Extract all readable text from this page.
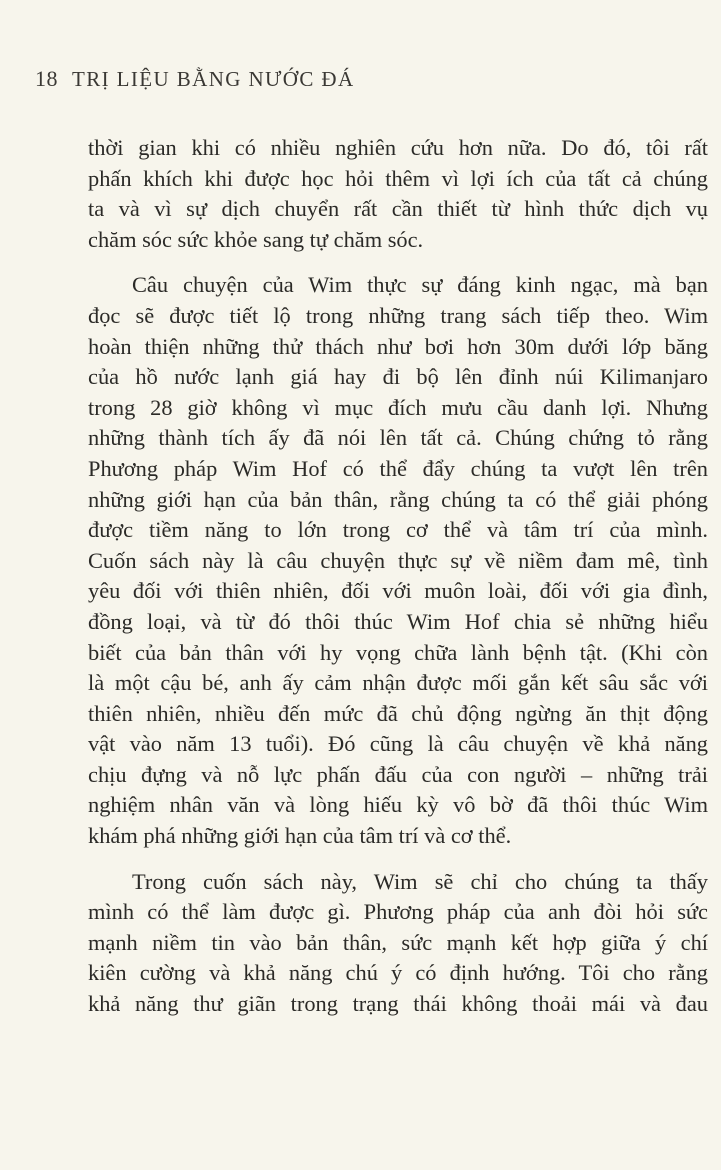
18 TRỊ LIỆU BẰNG NƯỚC ĐÁ
thời gian khi có nhiều nghiên cứu hơn nữa. Do đó, tôi rất
phấn khích khi được học hỏi thêm vì lợi ích của tất cả chúng
ta và vì sự dịch chuyển rất cần thiết từ hình thức dịch vụ
chăm sóc sức khỏe sang tự chăm sóc.
Câu chuyện của Wim thực sự đáng kinh ngạc, mà bạn
đọc sẽ được tiết lộ trong những trang sách tiếp theo. Wim
hoàn thiện những thử thách như bơi hơn 30m dưới lớp băng
của hồ nước lạnh giá hay đi bộ lên đỉnh núi Kilimanjaro
trong 28 giờ không vì mục đích mưu cầu danh lợi. Nhưng
những thành tích ấy đã nói lên tất cả. Chúng chứng tỏ rằng
Phương pháp Wim Hof có thể đẩy chúng ta vượt lên trên
những giới hạn của bản thân, rằng chúng ta có thể giải phóng
được tiềm năng to lớn trong cơ thể và tâm trí của mình.
Cuốn sách này là câu chuyện thực sự về niềm đam mê, tình
yêu đối với thiên nhiên, đối với muôn loài, đối với gia đình,
đồng loại, và từ đó thôi thúc Wim Hof chia sẻ những hiểu
biết của bản thân với hy vọng chữa lành bệnh tật. (Khi còn
là một cậu bé, anh ấy cảm nhận được mối gắn kết sâu sắc với
thiên nhiên, nhiều đến mức đã chủ động ngừng ăn thịt động
vật vào năm 13 tuổi). Đó cũng là câu chuyện về khả năng
chịu đựng và nỗ lực phấn đấu của con người – những trải
nghiệm nhân văn và lòng hiếu kỳ vô bờ đã thôi thúc Wim
khám phá những giới hạn của tâm trí và cơ thể.
Trong cuốn sách này, Wim sẽ chỉ cho chúng ta thấy
mình có thể làm được gì. Phương pháp của anh đòi hỏi sức
mạnh niềm tin vào bản thân, sức mạnh kết hợp giữa ý chí
kiên cường và khả năng chú ý có định hướng. Tôi cho rằng
khả năng thư giãn trong trạng thái không thoải mái và đau
